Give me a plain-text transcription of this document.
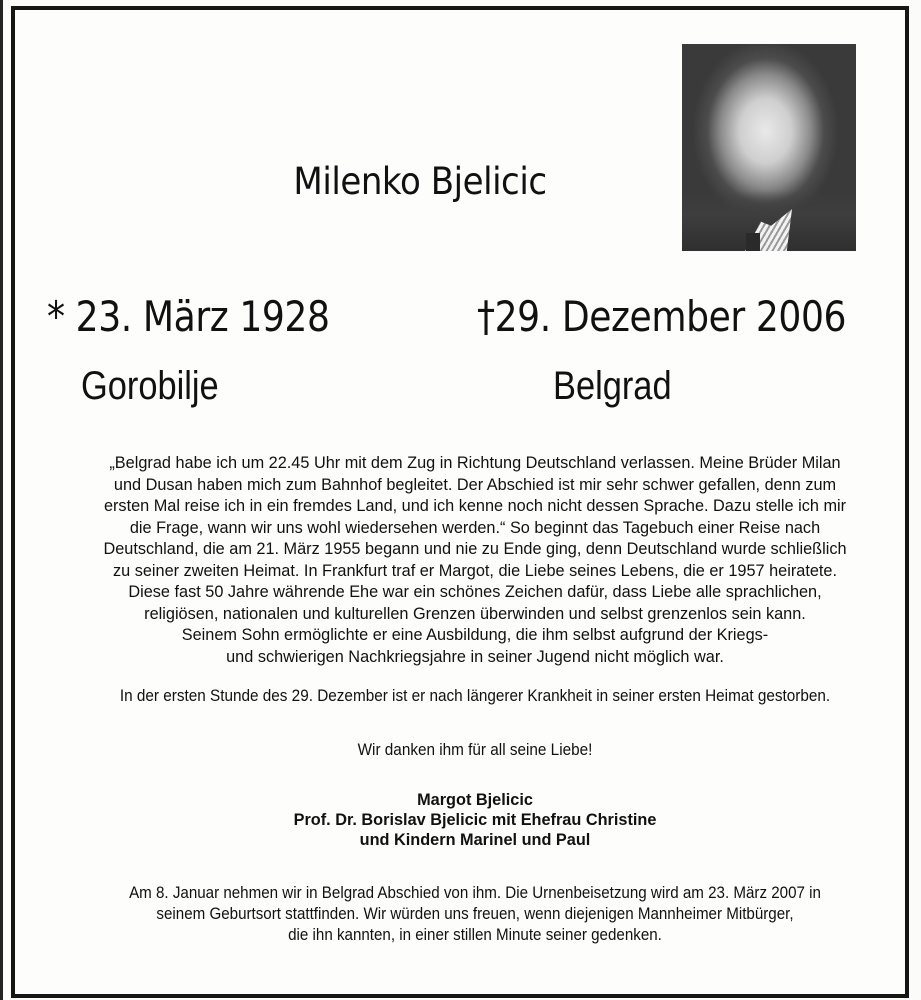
Milenko Bjelicic
* 23. März 1928	†29. Dezember 2006
Gorobilje	Belgrad
„Belgrad habe ich um 22.45 Uhr mit dem Zug in Richtung Deutschland verlassen. Meine Brüder Milan
und Dusan haben mich zum Bahnhof begleitet. Der Abschied ist mir sehr schwer gefallen, denn zum
ersten Mal reise ich in ein fremdes Land, und ich kenne noch nicht dessen Sprache. Dazu stelle ich mir
die Frage, wann wir uns wohl wiedersehen werden.“ So beginnt das Tagebuch einer Reise nach
Deutschland, die am 21. März 1955 begann und nie zu Ende ging, denn Deutschland wurde schließlich
zu seiner zweiten Heimat. In Frankfurt traf er Margot, die Liebe seines Lebens, die er 1957 heiratete.
Diese fast 50 Jahre währende Ehe war ein schönes Zeichen dafür, dass Liebe alle sprachlichen,
religiösen, nationalen und kulturellen Grenzen überwinden und selbst grenzenlos sein kann.
Seinem Sohn ermöglichte er eine Ausbildung, die ihm selbst aufgrund der Kriegs-
und schwierigen Nachkriegsjahre in seiner Jugend nicht möglich war.
In der ersten Stunde des 29. Dezember ist er nach längerer Krankheit in seiner ersten Heimat gestorben.
Wir danken ihm für all seine Liebe!
Margot Bjelicic
Prof. Dr. Borislav Bjelicic mit Ehefrau Christine
und Kindern Marinel und Paul
Am 8. Januar nehmen wir in Belgrad Abschied von ihm. Die Urnenbeisetzung wird am 23. März 2007 in
seinem Geburtsort stattfinden. Wir würden uns freuen, wenn diejenigen Mannheimer Mitbürger,
die ihn kannten, in einer stillen Minute seiner gedenken.
